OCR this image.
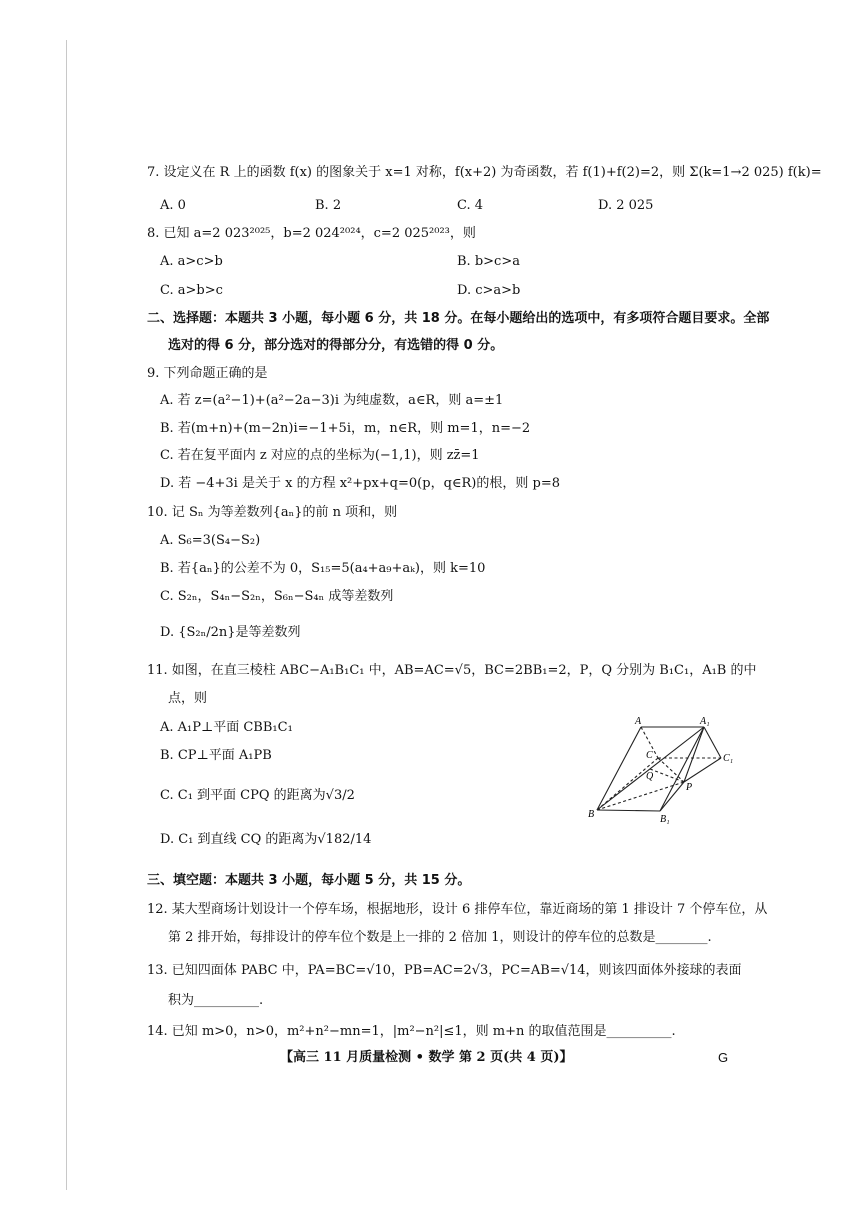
7. 设定义在 R 上的函数 f(x) 的图象关于 x=1 对称，f(x+2) 为奇函数，若 f(1)+f(2)=2，则 Σ(k=1→2 025) f(k)=
A. 0	B. 2	C. 4	D. 2 025
8. 已知 a=2 023²⁰²⁵，b=2 024²⁰²⁴，c=2 025²⁰²³，则
A. a>c>b	B. b>c>a
C. a>b>c	D. c>a>b
二、选择题：本题共 3 小题，每小题 6 分，共 18 分。在每小题给出的选项中，有多项符合题目要求。全部
选对的得 6 分，部分选对的得部分分，有选错的得 0 分。
9. 下列命题正确的是
A. 若 z=(a²−1)+(a²−2a−3)i 为纯虚数，a∈R，则 a=±1
B. 若(m+n)+(m−2n)i=−1+5i，m，n∈R，则 m=1，n=−2
C. 若在复平面内 z 对应的点的坐标为(−1,1)，则 zz̄=1
D. 若 −4+3i 是关于 x 的方程 x²+px+q=0(p，q∈R)的根，则 p=8
10. 记 Sₙ 为等差数列{aₙ}的前 n 项和，则
A. S₆=3(S₄−S₂)
B. 若{aₙ}的公差不为 0，S₁₅=5(a₄+a₉+aₖ)，则 k=10
C. S₂ₙ，S₄ₙ−S₂ₙ，S₆ₙ−S₄ₙ 成等差数列
D. {S₂ₙ/2n}是等差数列
11. 如图，在直三棱柱 ABC−A₁B₁C₁ 中，AB=AC=√5，BC=2BB₁=2，P，Q 分别为 B₁C₁，A₁B 的中
点，则
A. A₁P⊥平面 CBB₁C₁
B. CP⊥平面 A₁PB
C. C₁ 到平面 CPQ 的距离为√3/2
D. C₁ 到直线 CQ 的距离为√182/14
A	A₁
C	C₁
Q
P
B	B₁
三、填空题：本题共 3 小题，每小题 5 分，共 15 分。
12. 某大型商场计划设计一个停车场，根据地形，设计 6 排停车位，靠近商场的第 1 排设计 7 个停车位，从
第 2 排开始，每排设计的停车位个数是上一排的 2 倍加 1，则设计的停车位的总数是________.
13. 已知四面体 PABC 中，PA=BC=√10，PB=AC=2√3，PC=AB=√14，则该四面体外接球的表面
积为__________.
14. 已知 m>0，n>0，m²+n²−mn=1，|m²−n²|≤1，则 m+n 的取值范围是__________.
【高三 11 月质量检测 • 数学 第 2 页(共 4 页)】	G
